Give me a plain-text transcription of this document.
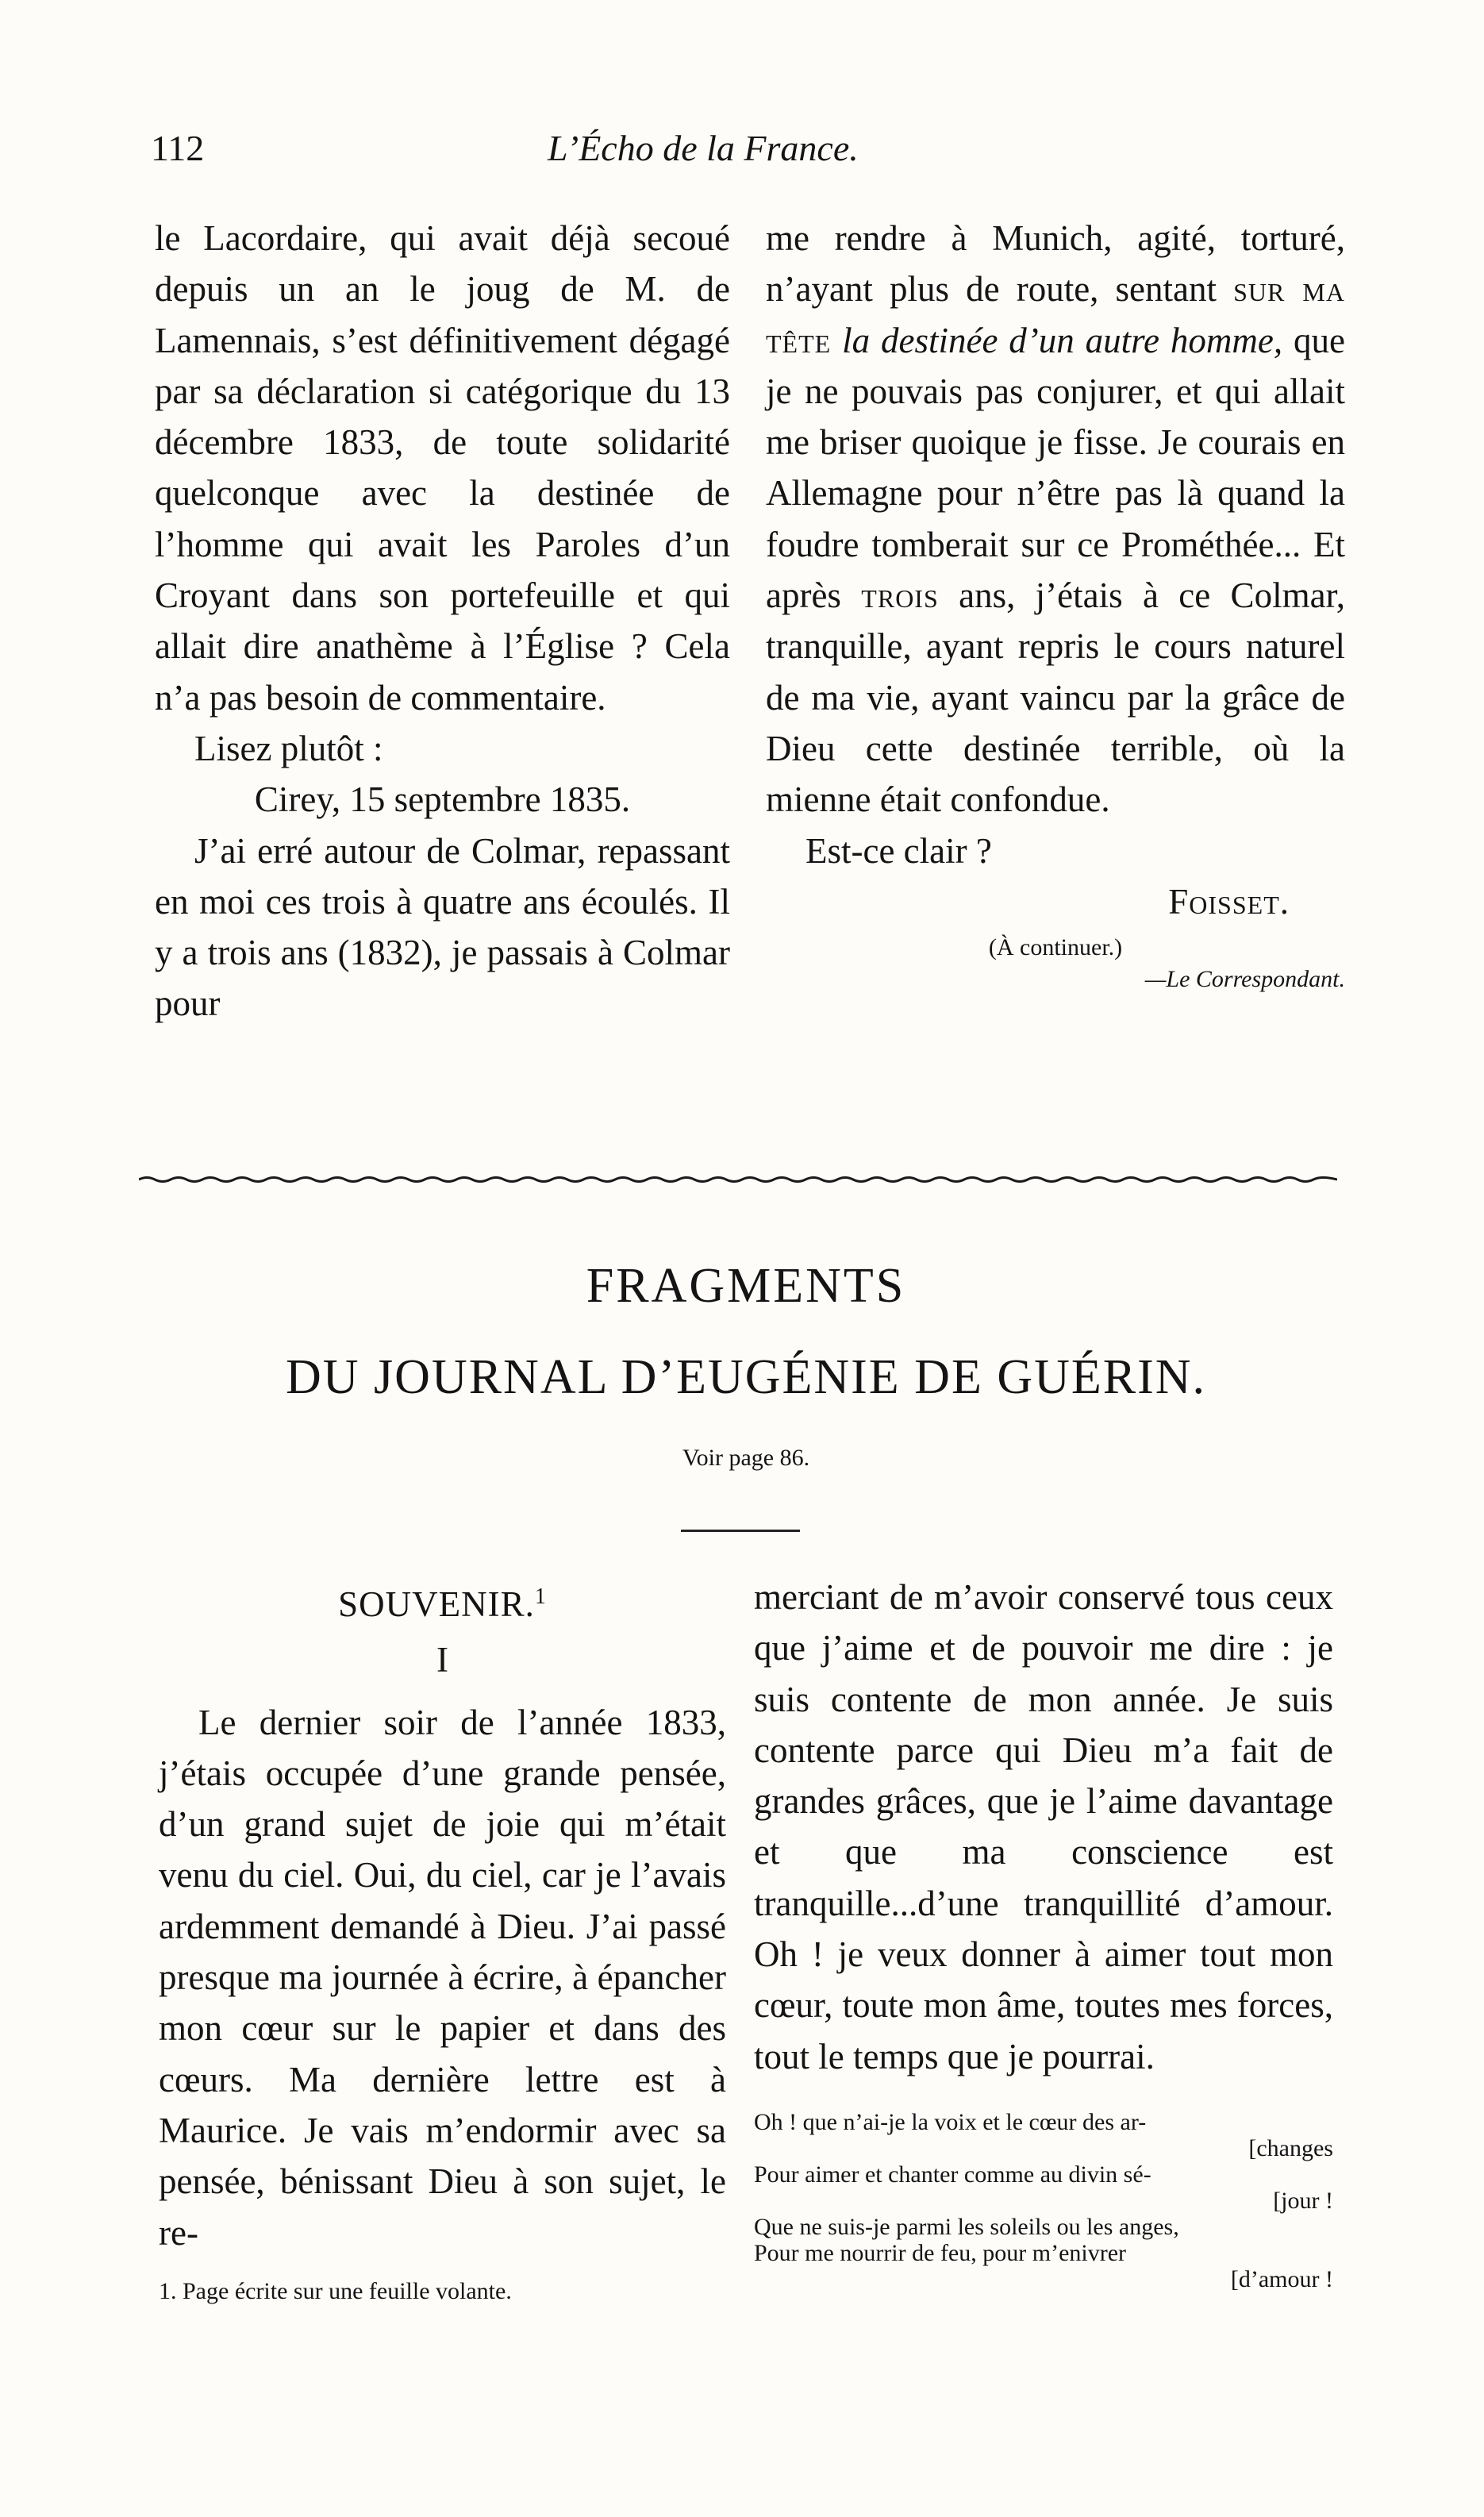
112	L’Écho de la France.

le Lacordaire, qui avait déjà secoué depuis un an le joug de M. de Lamennais, s’est définitivement dégagé par sa déclaration si catégorique du 13 décembre 1833, de toute solidarité quelconque avec la destinée de l’homme qui avait les Paroles d’un Croyant dans son portefeuille et qui allait dire anathème à l’Église ? Cela n’a pas besoin de commentaire.

Lisez plutôt :

Cirey, 15 septembre 1835.

J’ai erré autour de Colmar, repassant en moi ces trois à quatre ans écoulés. Il y a trois ans (1832), je passais à Colmar pour

me rendre à Munich, agité, torturé, n’ayant plus de route, sentant sur ma tête la destinée d’un autre homme, que je ne pouvais pas conjurer, et qui allait me briser quoique je fisse. Je courais en Allemagne pour n’être pas là quand la foudre tomberait sur ce Prométhée... Et après trois ans, j’étais à ce Colmar, tranquille, ayant repris le cours naturel de ma vie, ayant vaincu par la grâce de Dieu cette destinée terrible, où la mienne était confondue.

Est-ce clair ?

Foisset.

(À continuer.)

—Le Correspondant.

FRAGMENTS
DU JOURNAL D’EUGÉNIE DE GUÉRIN.
Voir page 86.
SOUVENIR.$^1$
I

Le dernier soir de l’année 1833, j’étais occupée d’une grande pensée, d’un grand sujet de joie qui m’était venu du ciel. Oui, du ciel, car je l’avais ardemment demandé à Dieu. J’ai passé presque ma journée à écrire, à épancher mon cœur sur le papier et dans des cœurs. Ma dernière lettre est à Maurice. Je vais m’endormir avec sa pensée, bénissant Dieu à son sujet, le re-

merciant de m’avoir conservé tous ceux que j’aime et de pouvoir me dire : je suis contente de mon année. Je suis contente parce qui Dieu m’a fait de grandes grâces, que je l’aime davantage et que ma conscience est tranquille...d’une tranquillité d’amour. Oh ! je veux donner à aimer tout mon cœur, toute mon âme, toutes mes forces, tout le temps que je pourrai.

Oh ! que n’ai-je la voix et le cœur des ar-
[changes
Pour aimer et chanter comme au divin sé-
[jour !
Que ne suis-je parmi les soleils ou les anges,
Pour me nourrir de feu, pour m’enivrer
[d’amour !
1. Page écrite sur une feuille volante.
